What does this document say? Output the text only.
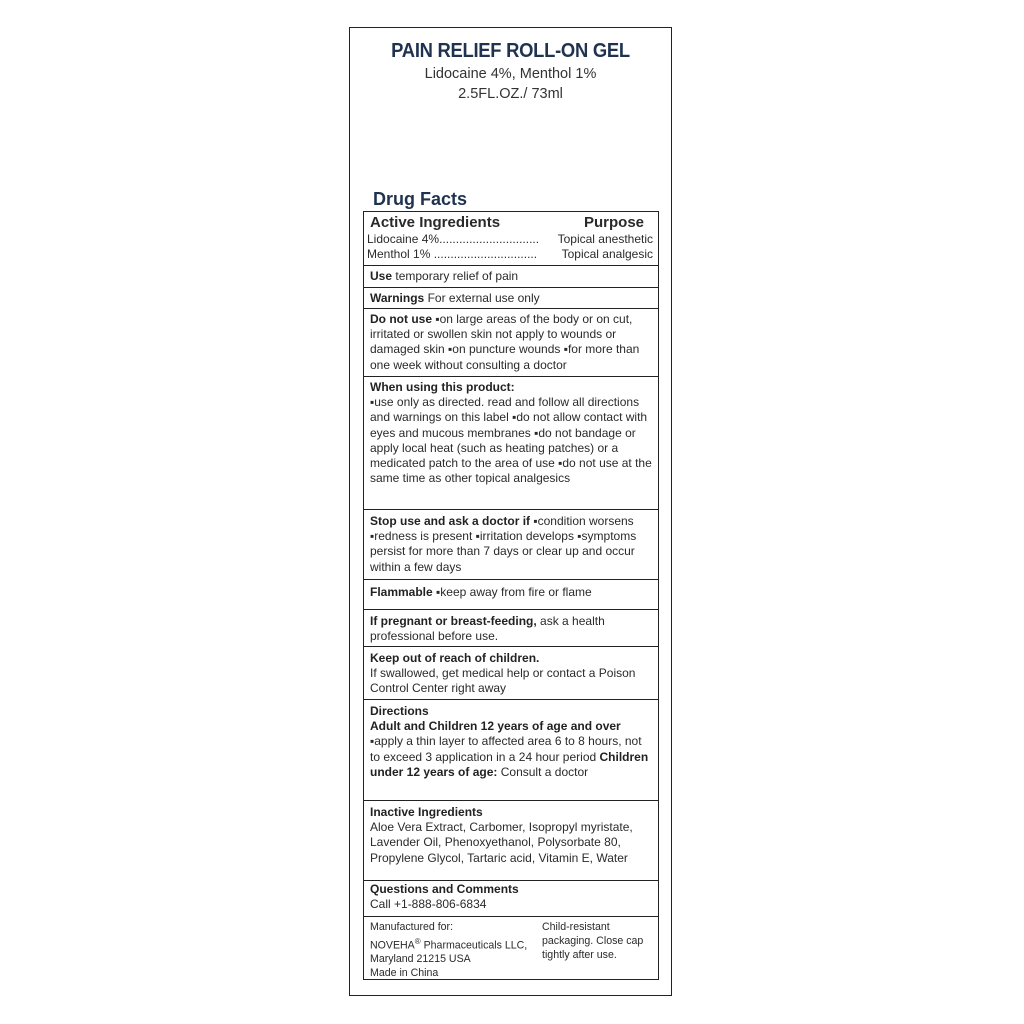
PAIN RELIEF ROLL-ON GEL
Lidocaine 4%, Menthol 1%
2.5FL.OZ./ 73ml
Drug Facts
Active Ingredients	Purpose
Lidocaine 4%.............................. Topical anesthetic
Menthol 1% ............................... Topical analgesic
Use temporary relief of pain
Warnings For external use only
Do not use ▪on large areas of the body or on cut, irritated or swollen skin not apply to wounds or damaged skin ▪on puncture wounds ▪for more than one week without consulting a doctor
When using this product:
▪use only as directed. read and follow all directions and warnings on this label ▪do not allow contact with eyes and mucous membranes ▪do not bandage or apply local heat (such as heating patches) or a medicated patch to the area of use ▪do not use at the same time as other topical analgesics
Stop use and ask a doctor if ▪condition worsens ▪redness is present ▪irritation develops ▪symptoms persist for more than 7 days or clear up and occur within a few days
Flammable ▪keep away from fire or flame
If pregnant or breast-feeding, ask a health professional before use.
Keep out of reach of children.
If swallowed, get medical help or contact a Poison Control Center right away
Directions
Adult and Children 12 years of age and over ▪apply a thin layer to affected area 6 to 8 hours, not to exceed 3 application in a 24 hour period Children under 12 years of age: Consult a doctor
Inactive Ingredients
Aloe Vera Extract, Carbomer, Isopropyl myristate, Lavender Oil, Phenoxyethanol, Polysorbate 80, Propylene Glycol, Tartaric acid, Vitamin E, Water
Questions and Comments
Call +1-888-806-6834
Manufactured for:
NOVEHA® Pharmaceuticals LLC, Maryland 21215 USA
Made in China
Child-resistant packaging. Close cap tightly after use.
